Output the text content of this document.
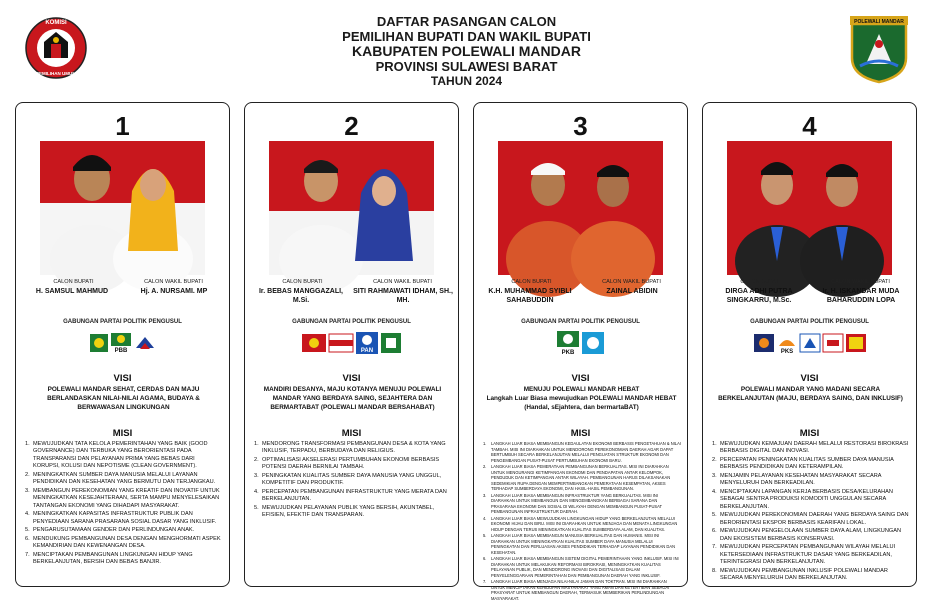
KOMISI
PEMILIHAN UMUM
DAFTAR PASANGAN CALON
PEMILIHAN BUPATI DAN WAKIL BUPATI
KABUPATEN POLEWALI MANDAR
PROVINSI SULAWESI BARAT
TAHUN 2024
POLEWALI MANDAR
1
CALON BUPATI	CALON WAKIL BUPATI
H. SAMSUL MAHMUD	Hj. A. NURSAMI. MP
GABUNGAN PARTAI POLITIK PENGUSUL
PBB
VISI
POLEWALI MANDAR SEHAT, CERDAS DAN MAJU BERLANDASKAN NILAI-NILAI AGAMA, BUDAYA & BERWAWASAN LINGKUNGAN
MISI
1. MEWUJUDKAN TATA KELOLA PEMERINTAHAN YANG BAIK (GOOD GOVERNANCE) DAN TERBUKA YANG BERORIENTASI PADA TRANSPARANSI DAN PELAYANAN PRIMA YANG BEBAS DARI KORUPSI, KOLUSI DAN NEPOTISME (CLEAN GOVERNMENT).
2. MENINGKATKAN SUMBER DAYA MANUSIA MELALUI LAYANAN PENDIDIKAN DAN KESEHATAN YANG BERMUTU DAN TERJANGKAU.
3. MEMBANGUN PEREKONOMIAN YANG KREATIF DAN INOVATIF UNTUK MENINGKATKAN KESEJAHTERAAN, SERTA MAMPU MENYELESAIKAN TANTANGAN EKONOMI YANG DIHADAPI MASYARAKAT.
4. MENINGKATKAN KAPASITAS INFRASTRUKTUR PUBLIK DAN PENYEDIAAN SARANA PRASARANA SOSIAL DASAR YANG INKLUSIF.
5. PENGARUSUTAMAAN GENDER DAN PERLINDUNGAN ANAK.
6. MENDUKUNG PEMBANGUNAN DESA DENGAN MENGHORMATI ASPEK KEMANDIRIAN DAN KEWENANGAN DESA.
7. MENCIPTAKAN PEMBANGUNAN LINGKUNGAN HIDUP YANG BERKELANJUTAN, BERSIH DAN BEBAS BANJIR.
2
CALON BUPATI	CALON WAKIL BUPATI
Ir. BEBAS MANGGAZALI, M.Si.
SITI RAHMAWATI IDHAM, SH., MH.
GABUNGAN PARTAI POLITIK PENGUSUL
PAN
VISI
MANDIRI DESANYA, MAJU KOTANYA MENUJU POLEWALI MANDAR YANG BERDAYA SAING, SEJAHTERA DAN BERMARTABAT (POLEWALI MANDAR BERSAHABAT)
MISI
1. MENDORONG TRANSFORMASI PEMBANGUNAN DESA & KOTA YANG INKLUSIF, TERPADU, BERBUDAYA DAN RELIGIUS.
2. OPTIMALISASI AKSELERASI PERTUMBUHAN EKONOMI BERBASIS POTENSI DAERAH BERNILAI TAMBAH.
3. PENINGKATAN KUALITAS SUMBER DAYA MANUSIA YANG UNGGUL, KOMPETITIF DAN PRODUKTIF.
4. PERCEPATAN PEMBANGUNAN INFRASTRUKTUR YANG MERATA DAN BERKELANJUTAN.
5. MEWUJUDKAN PELAYANAN PUBLIK YANG BERSIH, AKUNTABEL, EFISIEN, EFEKTIF DAN TRANSPARAN.
3
CALON BUPATI	CALON WAKIL BUPATI
K.H. MUHAMMAD SYIBLI SAHABUDDIN
ZAINAL ABIDIN
GABUNGAN PARTAI POLITIK PENGUSUL
PKB
VISI
MENUJU POLEWALI MANDAR HEBAT
Langkah Luar Biasa mewujudkan POLEWALI MANDAR HEBAT (Handal, sEjahtera, dan bermartaBAT)
MISI
1. LANGKAH LUAR BIASA MEMBANGUN KEDAULATAN EKONOMI BERBASIS PENGETAHUAN & NILAI TAMBAH. MISI INI DIARAHKAN UNTUK MENDORONG PEREKONOMIAN DAERAH AGAR DAPAT BERTUMBUH SECARA BERKELANJUTAN MELALUI PENGUATAN STRUKTUR EKONOMI DAN PENGEMBANGAN PUSAT-PUSAT PERTUMBUHAN EKONOMI BARU.
2. LANGKAH LUAR BIASA PEMERATAAN PEMBANGUNAN BERKUALITAS. MISI INI DIARAHKAN UNTUK MENGURANGI KETIMPANGAN EKONOMI DAN PENDAPATAN ANTAR KELOMPOK, PENDUDUK DAN KETIMPANGAN ANTAR WILAYAH. PEMBANGUNAN HARUS DILAKSANAKAN SEDEMIKIAN RUPA DENGAN MEMPERTIMBANGKAN PEMERATAAN KESEMPATAN, AKSES TERHADAP SUMBERDAYA EKONOMI, DAN HASIL-HASIL PEMBANGUNAN.
3. LANGKAH LUAR BIASA MEMBANGUN INFRASTRUKTUR YANG BERKUALITAS. MISI INI DIARAHKAN UNTUK MEMBANGUN DAN MENGEMBANGKAN BERBAGAI SARANA DAN PRASARANA EKONOMI DAN SOSIAL DI WILAYAH DENGAN MEMBANGUN PUSAT-PUSAT PEMBANGUNAN INFRASTRUKTUR DAERAH.
4. LANGKAH LUAR BIASA MEWUJUDKAN LINGKUNGAN HIDUP YANG BERKELANJUTAN MELALUI EKONOMI HIJAU DAN BIRU. MISI INI DIARAHKAN UNTUK MENJAGA DAN MENATA LINGKUNGAN HIDUP DENGAN TERUS MENINGKATKAN KUALITAS SUMBERDAYA ALAM, DAN KUALITAS.
5. LANGKAH LUAR BIASA MEMBANGUN MANUSIA BERKUALITAS DAN HUMANIS. MISI INI DIARAHKAN UNTUK MENINGKATKAN KUALITAS SUMBER DAYA MANUSIA MELALUI PENINGKATAN DAN PERLUASAN AKSES PENDIDIKAN TERHADAP LAYANAN PENDIDIKAN DAN KESEHATAN.
6. LANGKAH LUAR BIASA MEMBANGUN SISTEM DIGITAL PEMERINTAHAN YANG INKLUSIF. MISI INI DIARAHKAN UNTUK MELAKUKAN REFORMASI BIROKRASI, MENINGKATKAN KUALITAS PELAYANAN PUBLIK, DAN MENDORONG INOVASI DAN DIGITALISASI DALAM PENYELENGGARAAN PEMERINTAHAN DAN PEMBANGUNAN DAERAH YANG INKLUSIF.
7. LANGKAH LUAR BIASA MENJAGA NILAI-NILAI JAMAN DAN TOKTRAN. MISI INI DIARAHKAN UNTUK MENCIPTAKAN KEHIDUPAN MASYARAKAT YANG AMAN DAN KETERTIBAN SEBAGAI PRASYARAT UNTUK MEMBANGUN DAERAH, TERMASUK MEMBERIKAN PERLINDUNGAN MASYARAKAT.
4
CALON BUPATI	CALON WAKIL BUPATI
DIRGA ADHI PUTRA SINGKARRU, M.Sc.
Ir. H. ISKANDAR MUDA BAHARUDDIN LOPA
GABUNGAN PARTAI POLITIK PENGUSUL
PKS
VISI
POLEWALI MANDAR YANG MADANI SECARA BERKELANJUTAN (MAJU, BERDAYA SAING, DAN INKLUSIF)
MISI
1. MEWUJUDKAN KEMAJUAN DAERAH MELALUI RESTORASI BIROKRASI BERBASIS DIGITAL DAN INOVASI.
2. PERCEPATAN PENINGKATAN KUALITAS SUMBER DAYA MANUSIA BERBASIS PENDIDIKAN DAN KETERAMPILAN.
3. MENJAMIN PELAYANAN KESEHATAN MASYARAKAT SECARA MENYELURUH DAN BERKEADILAN.
4. MENCIPTAKAN LAPANGAN KERJA BERBASIS DESA/KELURAHAN SEBAGAI SENTRA PRODUKSI KOMODITI UNGGULAN SECARA BERKELANJUTAN.
5. MEWUJUDKAN PEREKONOMIAN DAERAH YANG BERDAYA SAING DAN BERORIENTASI EKSPOR BERBASIS KEARIFAN LOKAL.
6. MEWUJUDKAN PENGELOLAAN SUMBER DAYA ALAM, LINGKUNGAN DAN EKOSISTEM BERBASIS KONSERVASI.
7. MEWUJUDKAN PERCEPATAN PEMBANGUNAN WILAYAH MELALUI KETERSEDIAAN INFRASTRUKTUR DASAR YANG BERKEADILAN, TERINTEGRASI DAN BERKELANJUTAN.
8. MEWUJUDKAN PEMBANGUNAN INKLUSIF POLEWALI MANDAR SECARA MENYELURUH DAN BERKELANJUTAN.
